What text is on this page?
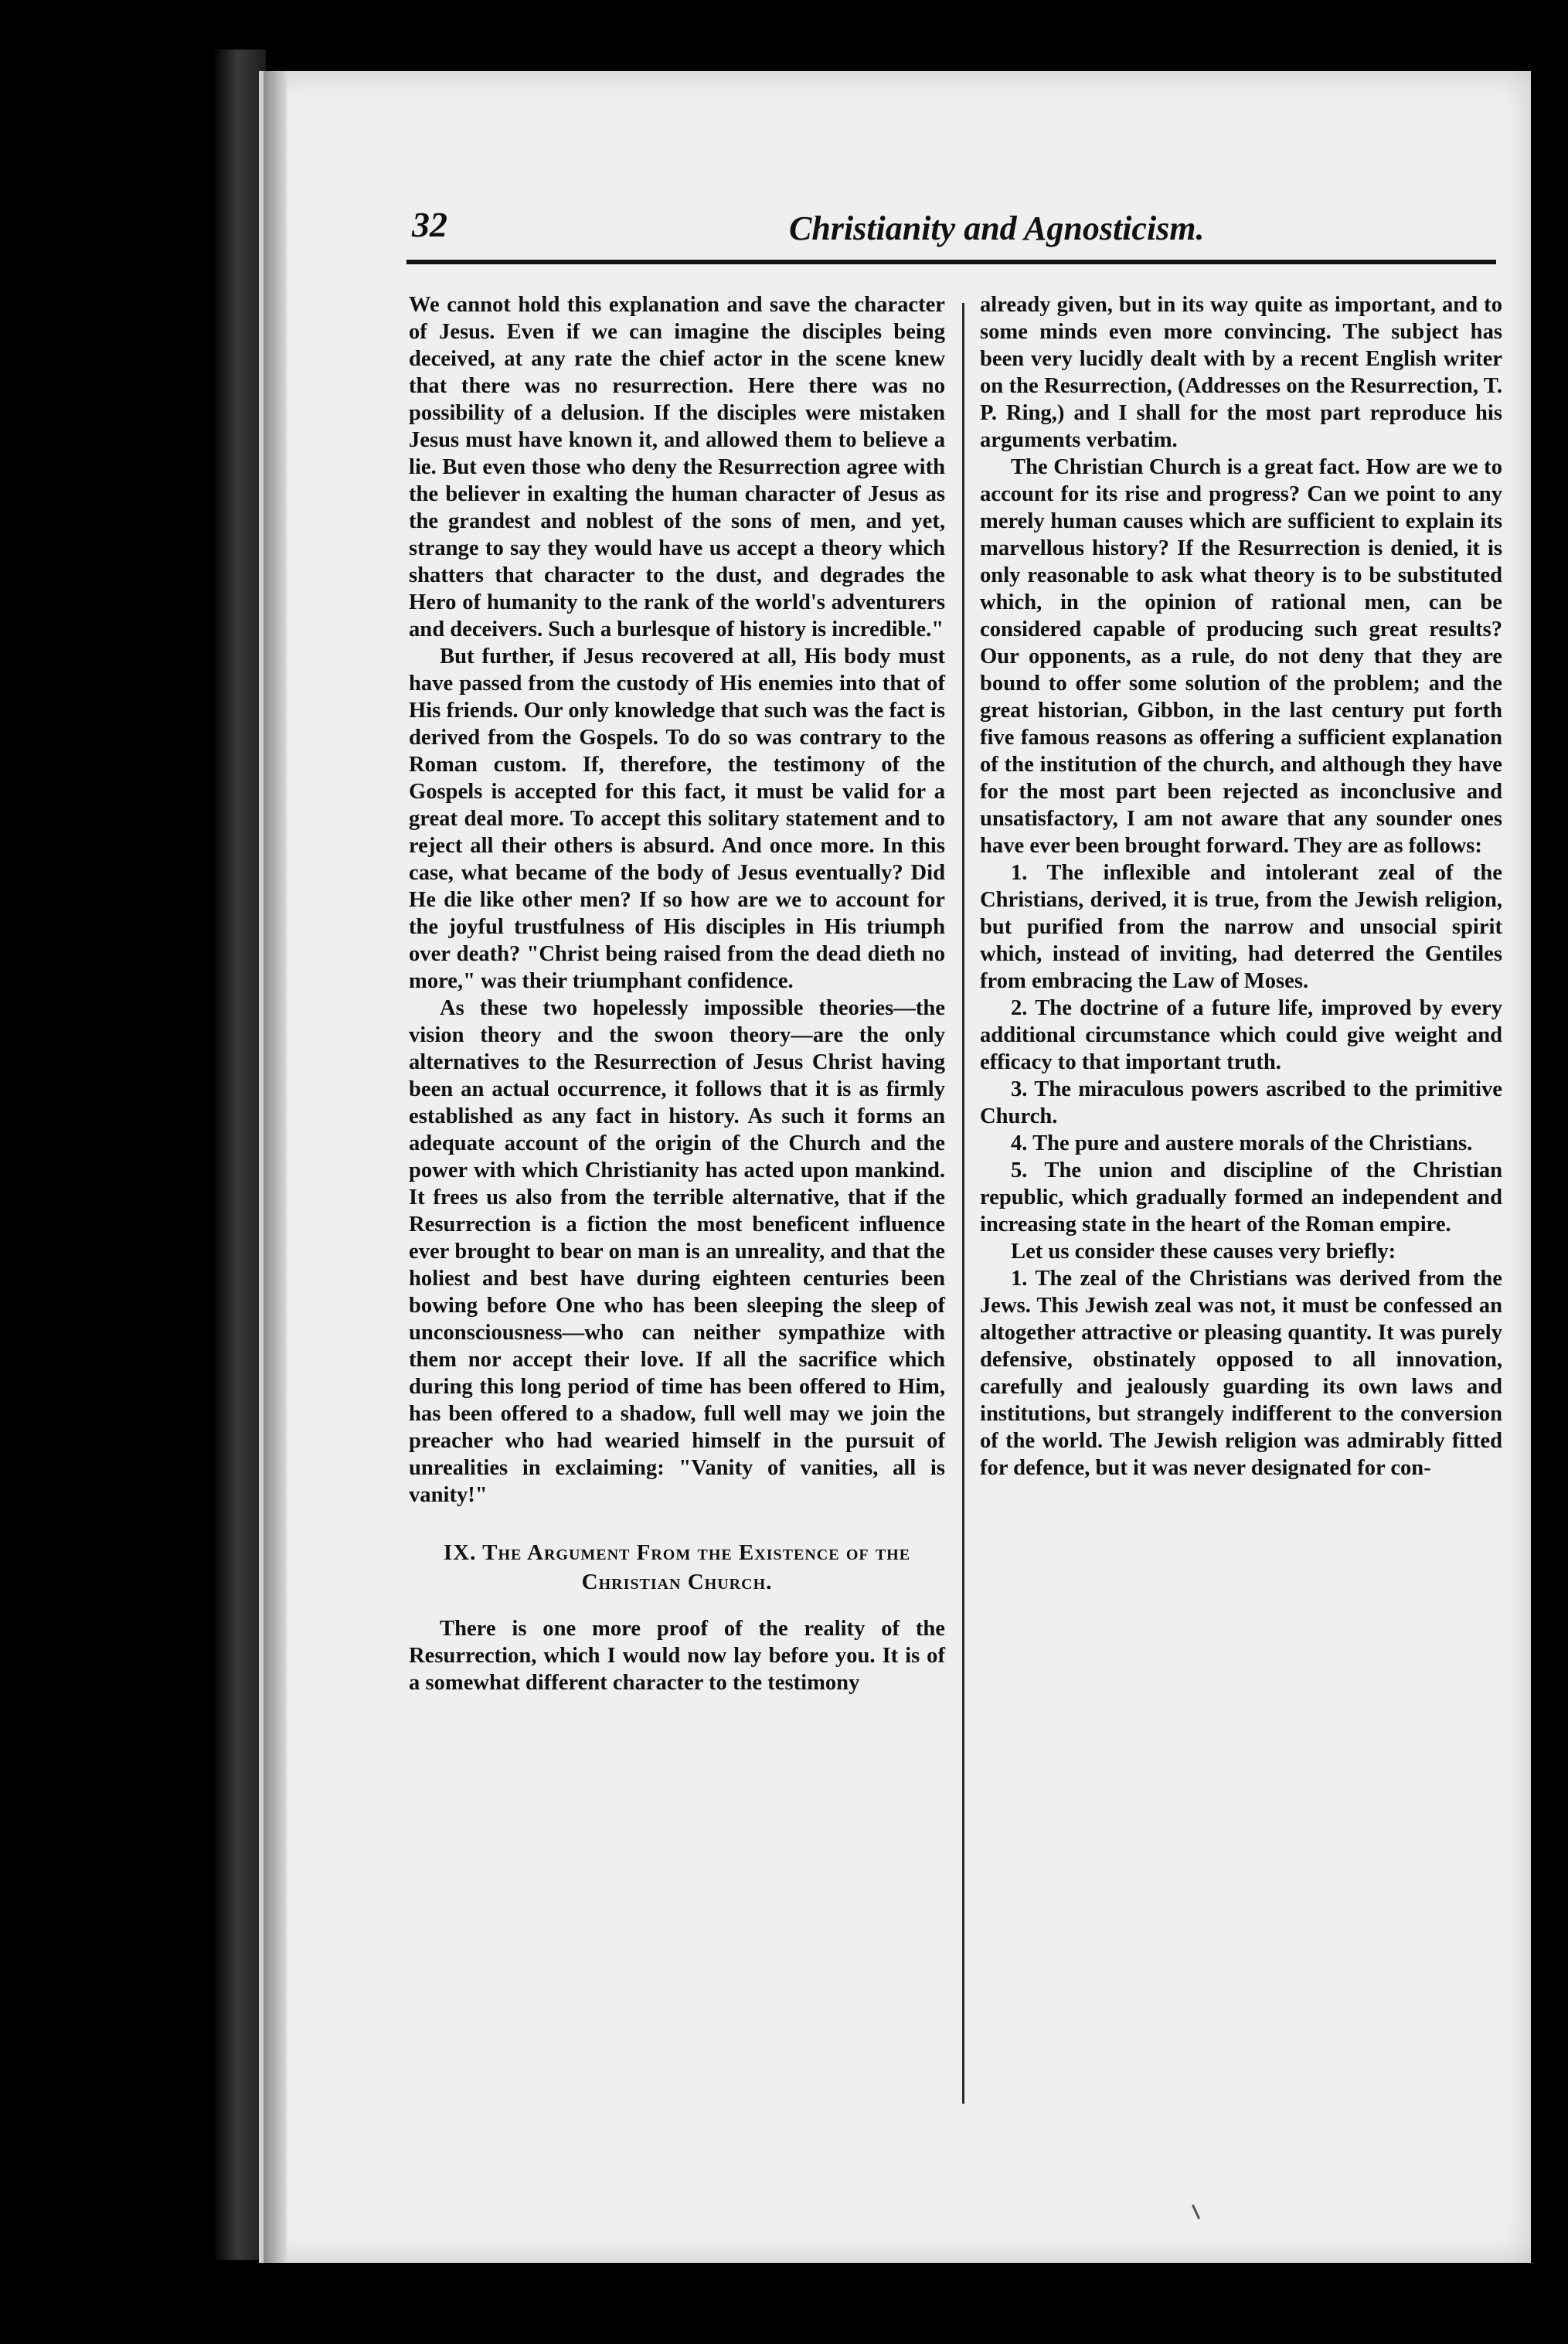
32	Christianity and Agnosticism.

We cannot hold this explanation and save the character of Jesus. Even if we can imagine the disciples being deceived, at any rate the chief actor in the scene knew that there was no resurrection. Here there was no possibility of a delusion. If the disciples were mistaken Jesus must have known it, and allowed them to believe a lie. But even those who deny the Resurrection agree with the believer in exalting the human character of Jesus as the grandest and noblest of the sons of men, and yet, strange to say they would have us accept a theory which shatters that character to the dust, and degrades the Hero of humanity to the rank of the world's adventurers and deceivers. Such a burlesque of history is incredible."

But further, if Jesus recovered at all, His body must have passed from the custody of His enemies into that of His friends. Our only knowledge that such was the fact is derived from the Gospels. To do so was contrary to the Roman custom. If, therefore, the testimony of the Gospels is accepted for this fact, it must be valid for a great deal more. To accept this solitary statement and to reject all their others is absurd. And once more. In this case, what became of the body of Jesus eventually? Did He die like other men? If so how are we to account for the joyful trustfulness of His disciples in His triumph over death? "Christ being raised from the dead dieth no more," was their triumphant confidence.

As these two hopelessly impossible theories—the vision theory and the swoon theory—are the only alternatives to the Resurrection of Jesus Christ having been an actual occurrence, it follows that it is as firmly established as any fact in history. As such it forms an adequate account of the origin of the Church and the power with which Christianity has acted upon mankind. It frees us also from the terrible alternative, that if the Resurrection is a fiction the most beneficent influence ever brought to bear on man is an unreality, and that the holiest and best have during eighteen centuries been bowing before One who has been sleeping the sleep of unconsciousness—who can neither sympathize with them nor accept their love. If all the sacrifice which during this long period of time has been offered to Him, has been offered to a shadow, full well may we join the preacher who had wearied himself in the pursuit of unrealities in exclaiming: "Vanity of vanities, all is vanity!"

IX. The Argument From the Existence of the Christian Church.

There is one more proof of the reality of the Resurrection, which I would now lay before you. It is of a somewhat different character to the testimony

already given, but in its way quite as important, and to some minds even more convincing. The subject has been very lucidly dealt with by a recent English writer on the Resurrection, (Addresses on the Resurrection, T. P. Ring,) and I shall for the most part reproduce his arguments verbatim.

The Christian Church is a great fact. How are we to account for its rise and progress? Can we point to any merely human causes which are sufficient to explain its marvellous history? If the Resurrection is denied, it is only reasonable to ask what theory is to be substituted which, in the opinion of rational men, can be considered capable of producing such great results? Our opponents, as a rule, do not deny that they are bound to offer some solution of the problem; and the great historian, Gibbon, in the last century put forth five famous reasons as offering a sufficient explanation of the institution of the church, and although they have for the most part been rejected as inconclusive and unsatisfactory, I am not aware that any sounder ones have ever been brought forward. They are as follows:

1. The inflexible and intolerant zeal of the Christians, derived, it is true, from the Jewish religion, but purified from the narrow and unsocial spirit which, instead of inviting, had deterred the Gentiles from embracing the Law of Moses.

2. The doctrine of a future life, improved by every additional circumstance which could give weight and efficacy to that important truth.

3. The miraculous powers ascribed to the primitive Church.

4. The pure and austere morals of the Christians.

5. The union and discipline of the Christian republic, which gradually formed an independent and increasing state in the heart of the Roman empire.

Let us consider these causes very briefly:

1. The zeal of the Christians was derived from the Jews. This Jewish zeal was not, it must be confessed an altogether attractive or pleasing quantity. It was purely defensive, obstinately opposed to all innovation, carefully and jealously guarding its own laws and institutions, but strangely indifferent to the conversion of the world. The Jewish religion was admirably fitted for defence, but it was never designated for con-
